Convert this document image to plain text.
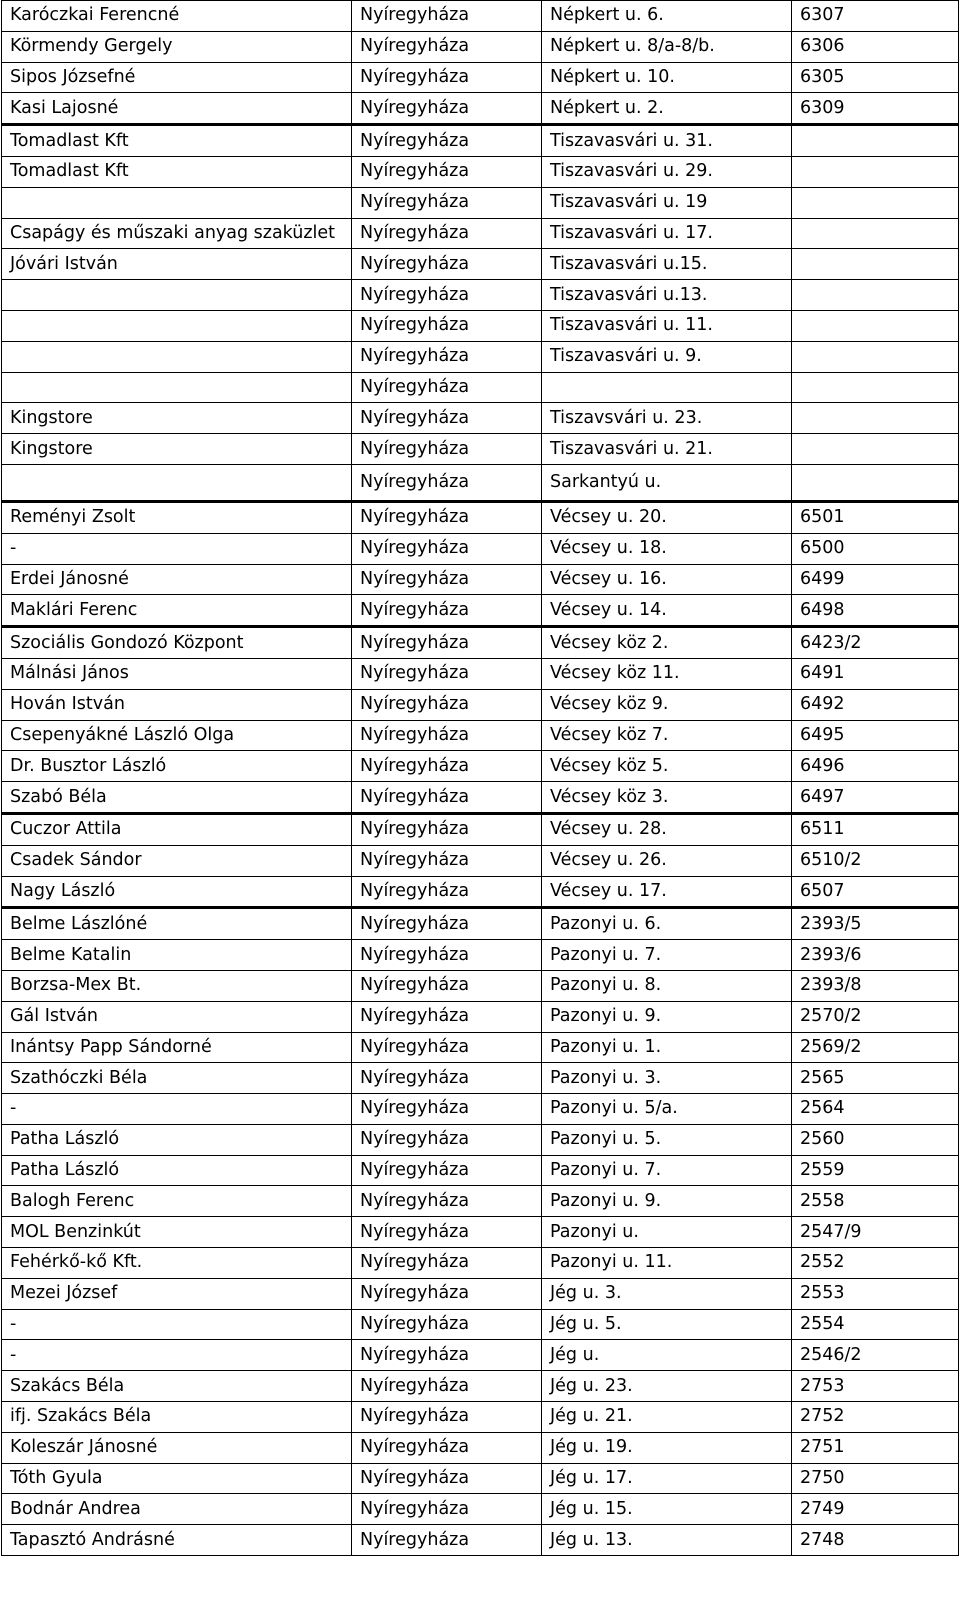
Karóczkai Ferencné	Nyíregyháza	Népkert u. 6.	6307
Körmendy Gergely	Nyíregyháza	Népkert u. 8/a-8/b.	6306
Sipos Józsefné	Nyíregyháza	Népkert u. 10.	6305
Kasi Lajosné	Nyíregyháza	Népkert u. 2.	6309
Tomadlast Kft	Nyíregyháza	Tiszavasvári u. 31.	
Tomadlast Kft	Nyíregyháza	Tiszavasvári u. 29.	
	Nyíregyháza	Tiszavasvári u. 19	
Csapágy és műszaki anyag szaküzlet	Nyíregyháza	Tiszavasvári u. 17.	
Jóvári István	Nyíregyháza	Tiszavasvári u.15.	
	Nyíregyháza	Tiszavasvári u.13.	
	Nyíregyháza	Tiszavasvári u. 11.	
	Nyíregyháza	Tiszavasvári u. 9.	
	Nyíregyháza		
Kingstore	Nyíregyháza	Tiszavsvári u. 23.	
Kingstore	Nyíregyháza	Tiszavasvári u. 21.	
	Nyíregyháza	Sarkantyú u.	
Reményi Zsolt	Nyíregyháza	Vécsey u. 20.	6501
-	Nyíregyháza	Vécsey u. 18.	6500
Erdei Jánosné	Nyíregyháza	Vécsey u. 16.	6499
Maklári Ferenc	Nyíregyháza	Vécsey u. 14.	6498
Szociális Gondozó Központ	Nyíregyháza	Vécsey köz 2.	6423/2
Málnási János	Nyíregyháza	Vécsey köz 11.	6491
Hován István	Nyíregyháza	Vécsey köz 9.	6492
Csepenyákné László Olga	Nyíregyháza	Vécsey köz 7.	6495
Dr. Busztor László	Nyíregyháza	Vécsey köz 5.	6496
Szabó Béla	Nyíregyháza	Vécsey köz 3.	6497
Cuczor Attila	Nyíregyháza	Vécsey u. 28.	6511
Csadek Sándor	Nyíregyháza	Vécsey u. 26.	6510/2
Nagy László	Nyíregyháza	Vécsey u. 17.	6507
Belme Lászlóné	Nyíregyháza	Pazonyi u. 6.	2393/5
Belme Katalin	Nyíregyháza	Pazonyi u. 7.	2393/6
Borzsa-Mex Bt.	Nyíregyháza	Pazonyi u. 8.	2393/8
Gál István	Nyíregyháza	Pazonyi u. 9.	2570/2
Inántsy Papp Sándorné	Nyíregyháza	Pazonyi u. 1.	2569/2
Szathóczki Béla	Nyíregyháza	Pazonyi u. 3.	2565
-	Nyíregyháza	Pazonyi u. 5/a.	2564
Patha László	Nyíregyháza	Pazonyi u. 5.	2560
Patha László	Nyíregyháza	Pazonyi u. 7.	2559
Balogh Ferenc	Nyíregyháza	Pazonyi u. 9.	2558
MOL Benzinkút	Nyíregyháza	Pazonyi u.	2547/9
Fehérkő-kő Kft.	Nyíregyháza	Pazonyi u. 11.	2552
Mezei József	Nyíregyháza	Jég u. 3.	2553
-	Nyíregyháza	Jég u. 5.	2554
-	Nyíregyháza	Jég u.	2546/2
Szakács Béla	Nyíregyháza	Jég u. 23.	2753
ifj. Szakács Béla	Nyíregyháza	Jég u. 21.	2752
Koleszár Jánosné	Nyíregyháza	Jég u. 19.	2751
Tóth Gyula	Nyíregyháza	Jég u. 17.	2750
Bodnár Andrea	Nyíregyháza	Jég u. 15.	2749
Tapasztó Andrásné	Nyíregyháza	Jég u. 13.	2748
